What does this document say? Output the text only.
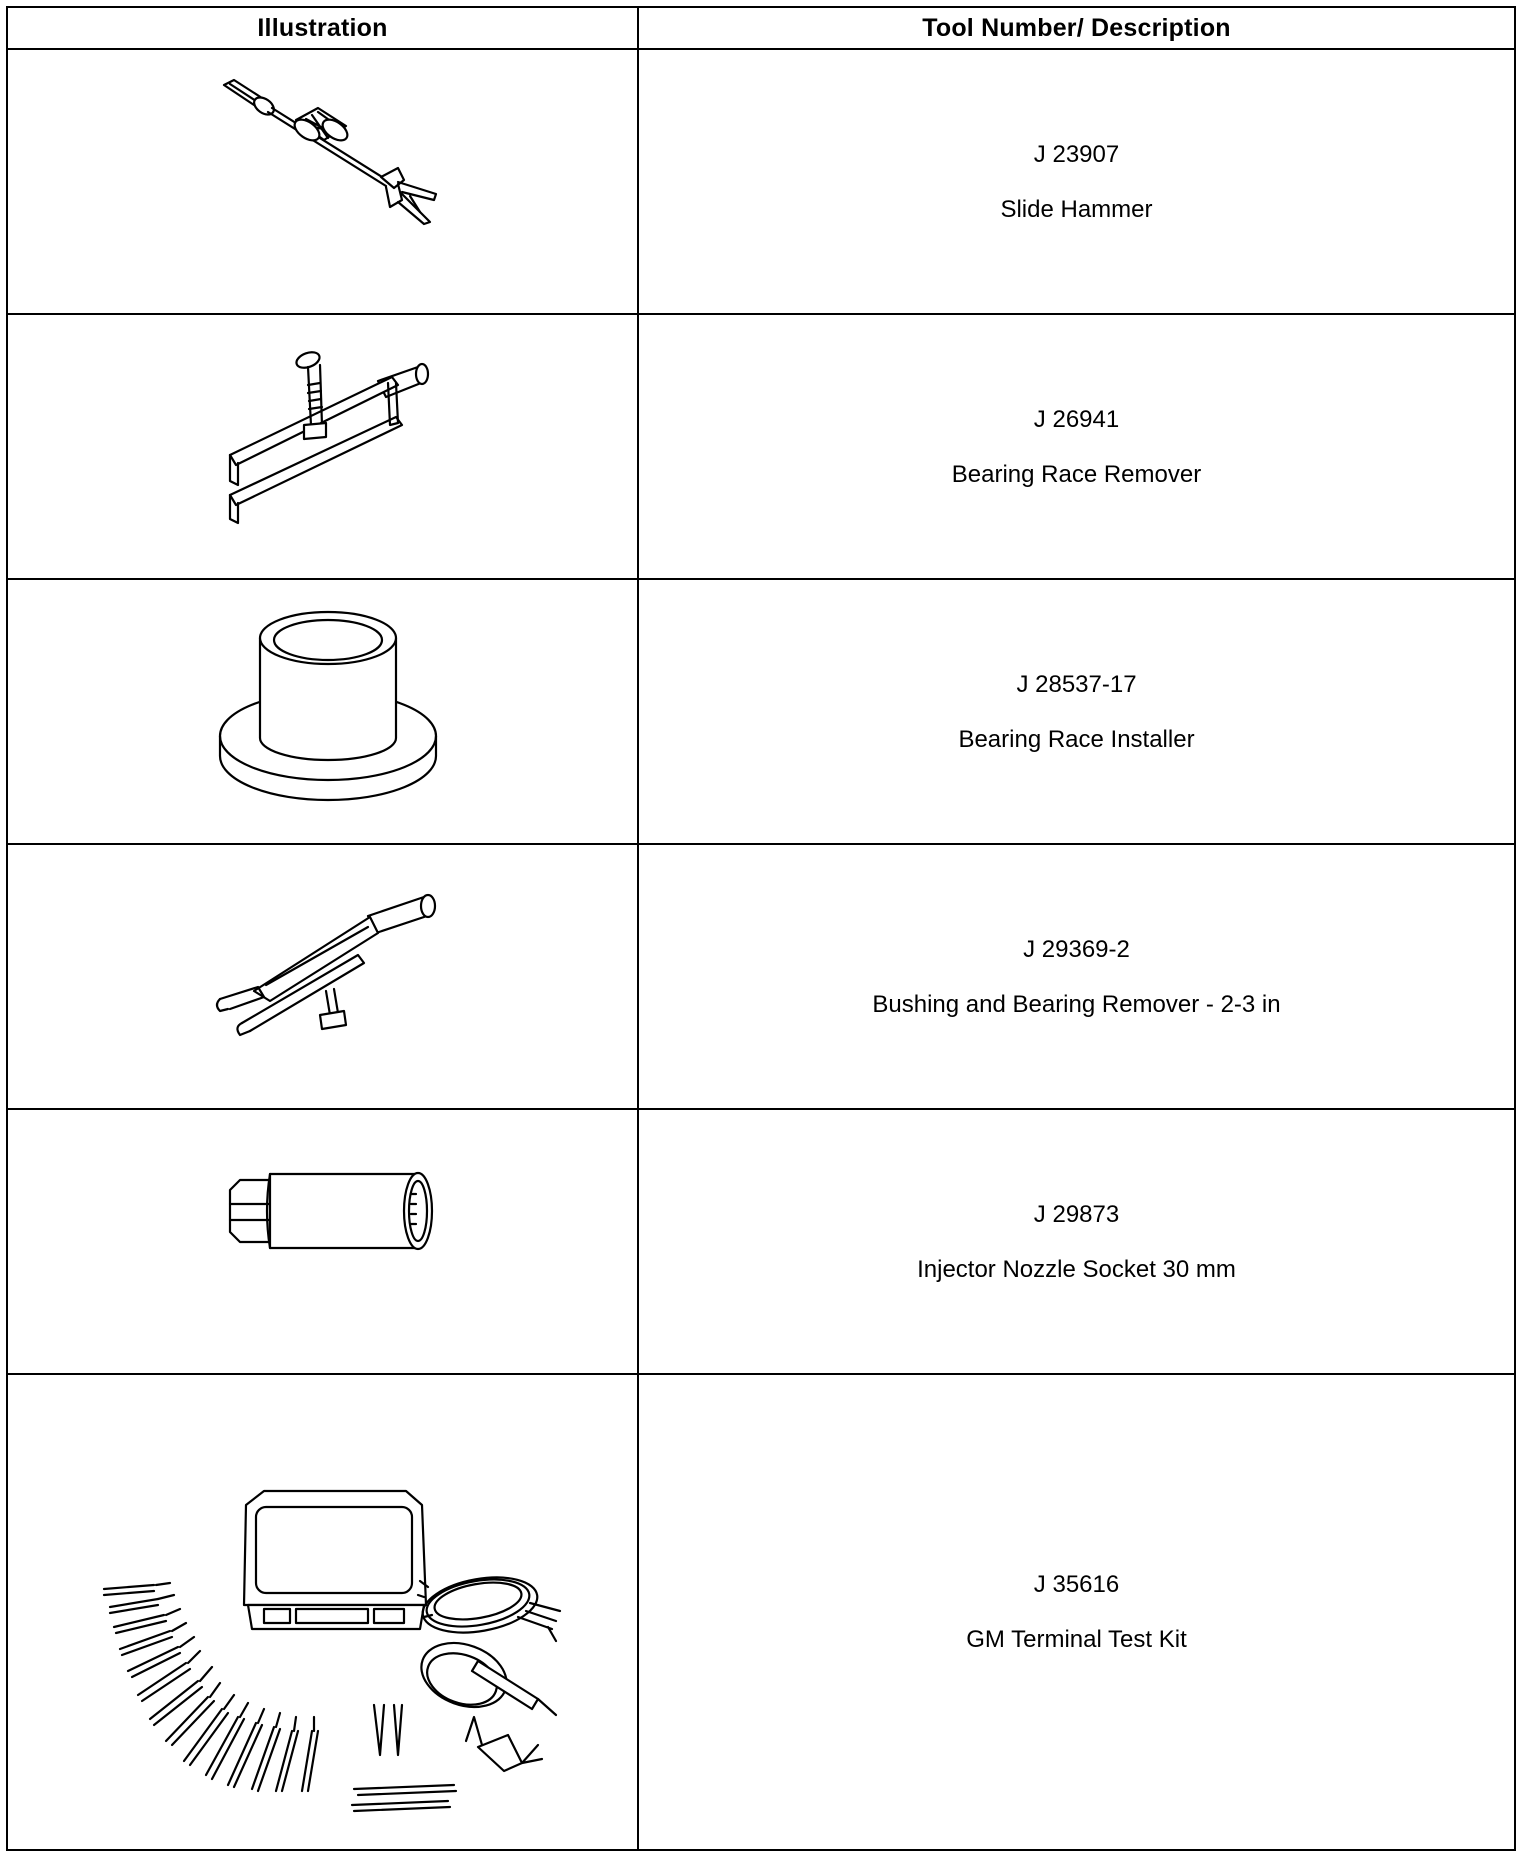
Illustration	Tool Number/ Description

J 23907
Slide Hammer

J 26941
Bearing Race Remover

J 28537-17
Bearing Race Installer

J 29369-2
Bushing and Bearing Remover - 2-3 in

J 29873
Injector Nozzle Socket 30 mm

J 35616
GM Terminal Test Kit
